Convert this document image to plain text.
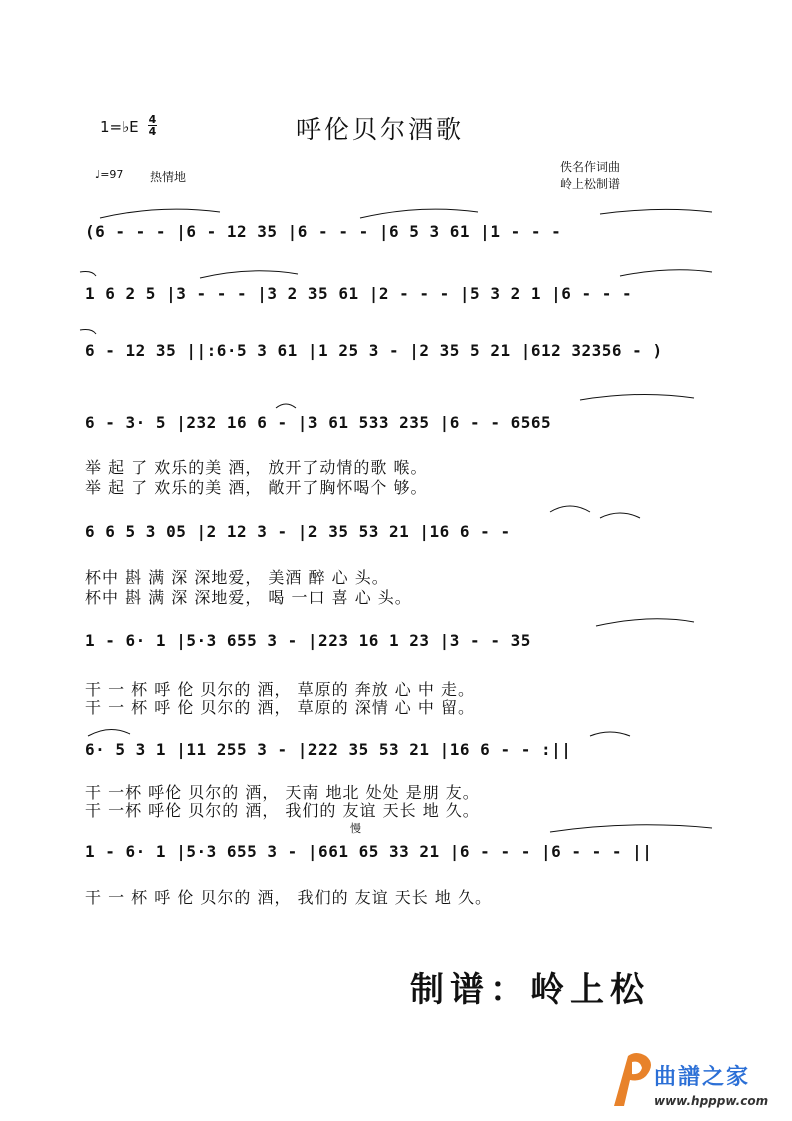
1=♭E 4
4	呼伦贝尔酒歌
♩=97 热情地
佚名作词曲
岭上松制谱
(6 - - - |6 - 12 35 |6 - - - |6 5 3 61 |1 - - -
1 6 2 5 |3 - - - |3 2 35 61 |2 - - - |5 3 2 1 |6 - - -
6 - 12 35 ||:6·5 3 61 |1 25 3 - |2 35 5 21 |612 32356 - )
6 - 3· 5 |232 16 6 - |3 61 533 235 |6 - - 6565
举 起 了 欢乐的美 酒， 放开了动情的歌 喉。
举 起 了 欢乐的美 酒， 敞开了胸怀喝个 够。
6 6 5 3 05 |2 12 3 - |2 35 53 21 |16 6 - -
杯中 斟 满 深 深地爱， 美酒 醉 心 头。
杯中 斟 满 深 深地爱， 喝 一口 喜 心 头。
1 - 6· 1 |5·3 655 3 - |223 16 1 23 |3 - - 35
干 一 杯 呼 伦 贝尔的 酒， 草原的 奔放 心 中 走。
干 一 杯 呼 伦 贝尔的 酒， 草原的 深情 心 中 留。
6· 5 3 1 |11 255 3 - |222 35 53 21 |16 6 - - :||
干 一杯 呼伦 贝尔的 酒， 天南 地北 处处 是朋 友。
干 一杯 呼伦 贝尔的 酒， 我们的 友谊 天长 地 久。
慢
1 - 6· 1 |5·3 655 3 - |661 65 33 21 |6 - - - |6 - - - ||
干 一 杯 呼 伦 贝尔的 酒， 我们的 友谊 天长 地 久。
制谱：岭上松
曲譜之家
www.hpppw.com
